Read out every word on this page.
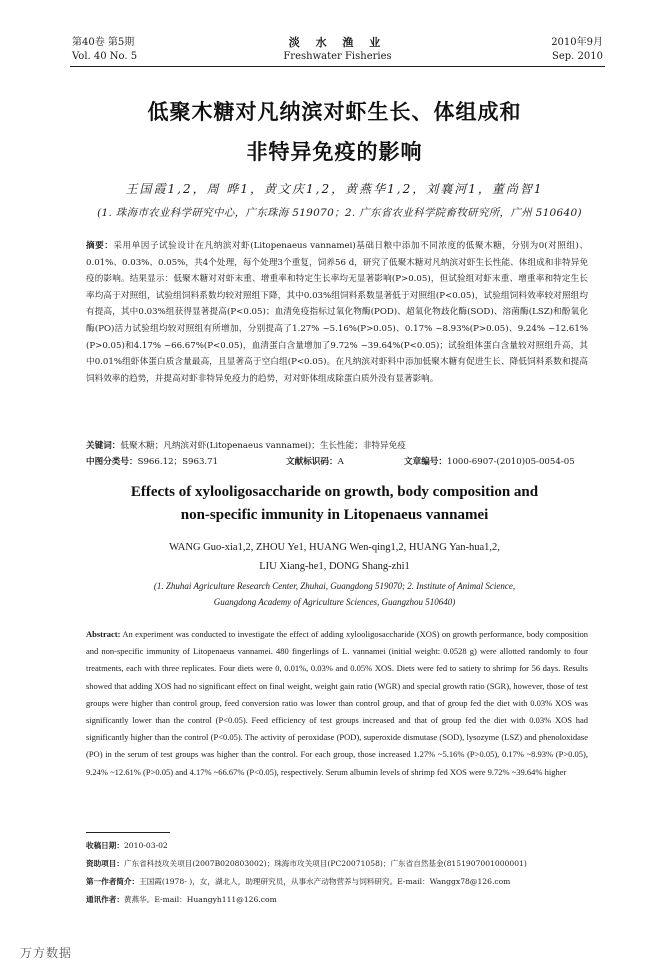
第40卷 第5期
Vol. 40 No. 5
淡 水 渔 业
Freshwater Fisheries
2010年9月
Sep. 2010
低聚木糖对凡纳滨对虾生长、体组成和
非特异免疫的影响
王国霞1,2，周 晔1，黄文庆1,2，黄燕华1,2，刘襄河1，董尚智1
(1. 珠海市农业科学研究中心，广东珠海 519070；2. 广东省农业科学院畜牧研究所，广州 510640)
摘要：采用单因子试验设计在凡纳滨对虾(Litopenaeus vannamei)基础日粮中添加不同浓度的低聚木糖，分别为0(对照组)、0.01%、0.03%、0.05%，共4个处理，每个处理3个重复，饲养56 d，研究了低聚木糖对凡纳滨对虾生长性能、体组成和非特异免疫的影响。结果显示：低聚木糖对对虾末重、增重率和特定生长率均无显著影响(P>0.05)，但试验组对虾末重、增重率和特定生长率均高于对照组，试验组饲料系数均较对照组下降，其中0.03%组饲料系数显著低于对照组(P<0.05)，试验组饲料效率较对照组均有提高，其中0.03%组获得显著提高(P<0.05)；血清免疫指标过氧化物酶(POD)、超氧化物歧化酶(SOD)、溶菌酶(LSZ)和酚氧化酶(PO)活力试验组均较对照组有所增加，分别提高了1.27% ~5.16%(P>0.05)、0.17% ~8.93%(P>0.05)、9.24% ~12.61%(P>0.05)和4.17% ~66.67%(P<0.05)，血清蛋白含量增加了9.72% ~39.64%(P<0.05)；试验组体蛋白含量较对照组升高，其中0.01%组虾体蛋白质含量最高，且显著高于空白组(P<0.05)。在凡纳滨对虾料中添加低聚木糖有促进生长、降低饲料系数和提高饲料效率的趋势，并提高对虾非特异免疫力的趋势，对对虾体组成除蛋白质外没有显著影响。
关键词：低聚木糖；凡纳滨对虾(Litopenaeus vannamei)；生长性能；非特异免疫
中图分类号：S966.12；S963.71	文献标识码：A	文章编号：1000-6907-(2010)05-0054-05
Effects of xylooligosaccharide on growth, body composition and
non-specific immunity in Litopenaeus vannamei
WANG Guo-xia1,2, ZHOU Ye1, HUANG Wen-qing1,2, HUANG Yan-hua1,2,
LIU Xiang-he1, DONG Shang-zhi1
(1. Zhuhai Agriculture Research Center, Zhuhai, Guangdong 519070; 2. Institute of Animal Science,
Guangdong Academy of Agriculture Sciences, Guangzhou 510640)
Abstract: An experiment was conducted to investigate the effect of adding xylooligosaccharide (XOS) on growth performance, body composition and non-specific immunity of Litopenaeus vannamei. 480 fingerlings of L. vannamei (initial weight: 0.0528 g) were allotted randomly to four treatments, each with three replicates. Four diets were 0, 0.01%, 0.03% and 0.05% XOS. Diets were fed to satiety to shrimp for 56 days. Results showed that adding XOS had no significant effect on final weight, weight gain ratio (WGR) and special growth ratio (SGR), however, those of test groups were higher than control group, feed conversion ratio was lower than control group, and that of group fed the diet with 0.03% XOS was significantly lower than the control (P<0.05). Feed efficiency of test groups increased and that of group fed the diet with 0.03% XOS had significantly higher than the control (P<0.05). The activity of peroxidase (POD), superoxide dismutase (SOD), lysozyme (LSZ) and phenoloxidase (PO) in the serum of test groups was higher than the control. For each group, those increased 1.27% ~5.16% (P>0.05), 0.17% ~8.93% (P>0.05), 9.24% ~12.61% (P>0.05) and 4.17% ~66.67% (P<0.05), respectively. Serum albumin levels of shrimp fed XOS were 9.72% ~39.64% higher
收稿日期：2010-03-02
资助项目：广东省科技攻关项目(2007B020803002)；珠海市攻关项目(PC20071058)；广东省自然基金(8151907001000001)
第一作者简介：王国霞(1978- )，女，湖北人，助理研究员，从事水产动物营养与饲料研究。E-mail：Wanggx78@126.com
通讯作者：黄燕华。E-mail：Huangyh111@126.com
万方数据
